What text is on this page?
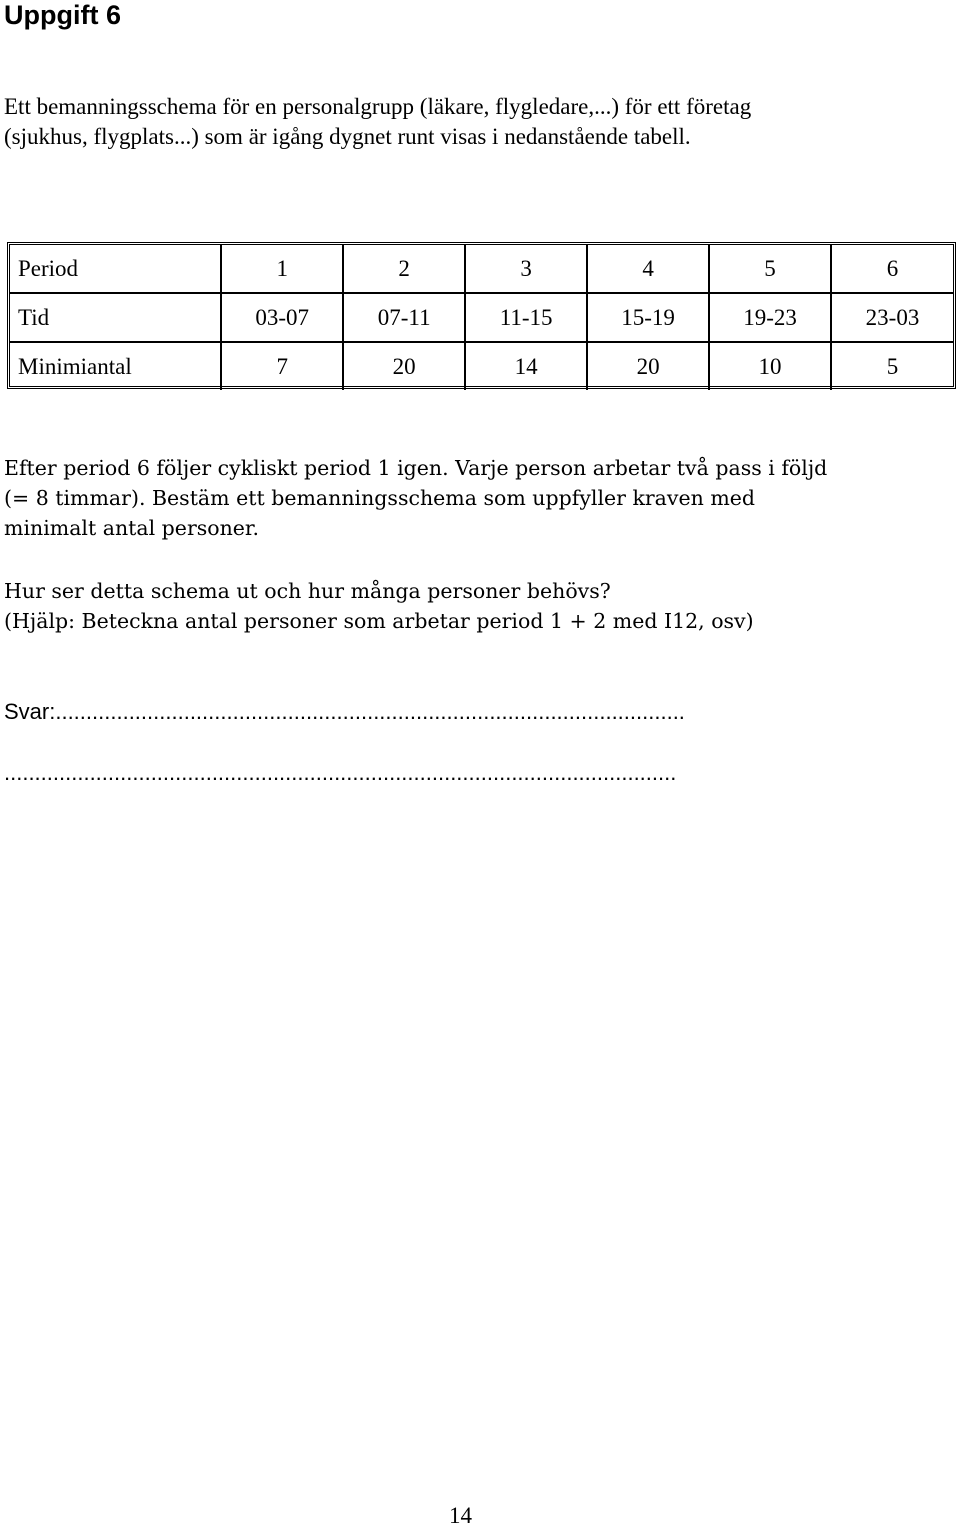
Uppgift 6
Ett bemanningsschema för en personalgrupp (läkare, flygledare,...) för ett företag
(sjukhus, flygplats...) som är igång dygnet runt visas i nedanstående tabell.
Period	1	2	3	4	5	6
Tid	03-07	07-11	11-15	15-19	19-23	23-03
Minimiantal	7	20	14	20	10	5
Efter period 6 följer cykliskt period 1 igen. Varje person arbetar två pass i följd
(= 8 timmar). Bestäm ett bemanningsschema som uppfyller kraven med
minimalt antal personer.
Hur ser detta schema ut och hur många personer behövs?
(Hjälp: Beteckna antal personer som arbetar period 1 + 2 med I12, osv)
Svar:.......................................................................................................
..............................................................................................................
14
